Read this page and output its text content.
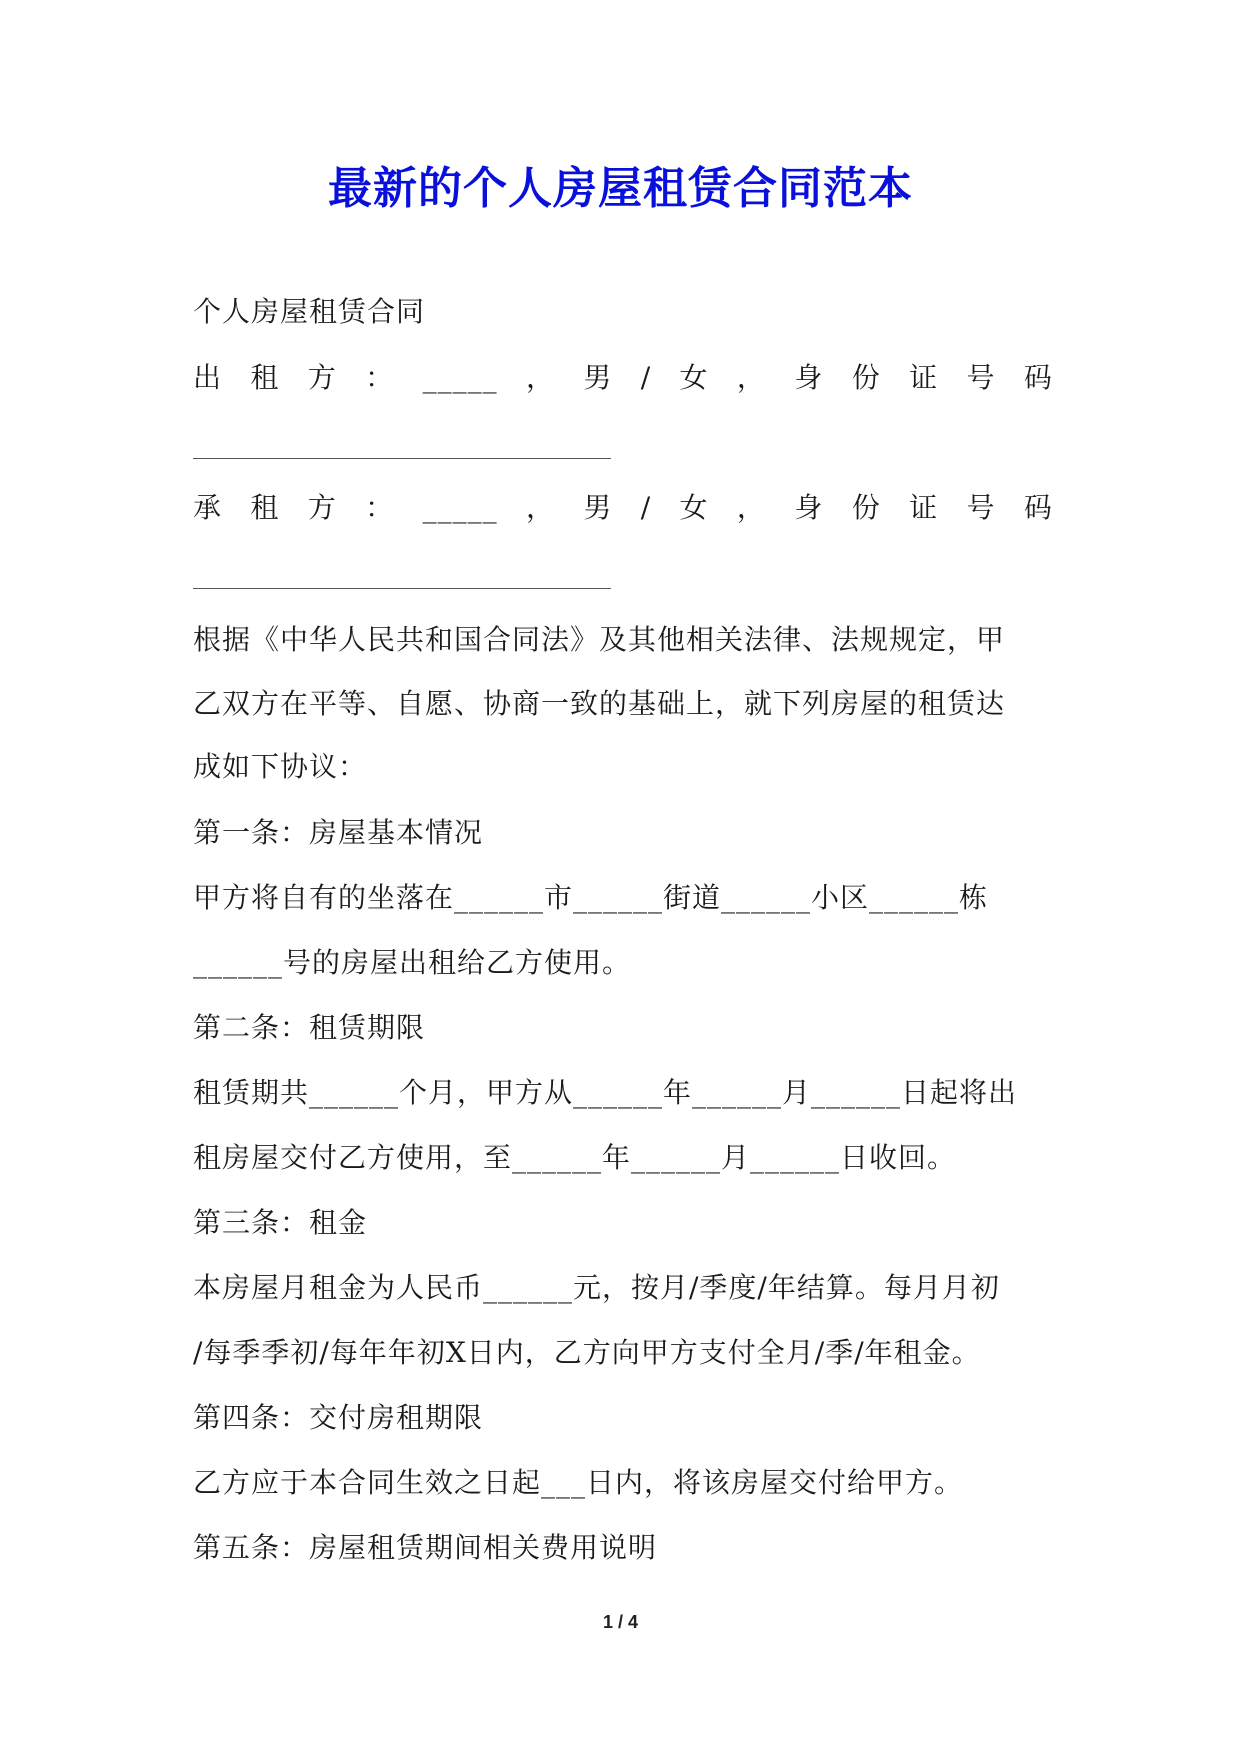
最新的个人房屋租赁合同范本
个人房屋租赁合同
出 租 方 ： _____ ， 男 / 女 ， 身 份 证 号 码
承 租 方 ： _____ ， 男 / 女 ， 身 份 证 号 码
根据《中华人民共和国合同法》及其他相关法律、法规规定，甲
乙双方在平等、自愿、协商一致的基础上，就下列房屋的租赁达
成如下协议：
第一条：房屋基本情况
甲方将自有的坐落在______市______街道______小区______栋
______号的房屋出租给乙方使用。
第二条：租赁期限
租赁期共______个月，甲方从______年______月______日起将出
租房屋交付乙方使用，至______年______月______日收回。
第三条：租金
本房屋月租金为人民币______元，按月/季度/年结算。每月月初
/每季季初/每年年初X日内，乙方向甲方支付全月/季/年租金。
第四条：交付房租期限
乙方应于本合同生效之日起___日内，将该房屋交付给甲方。
第五条：房屋租赁期间相关费用说明
1 / 4
